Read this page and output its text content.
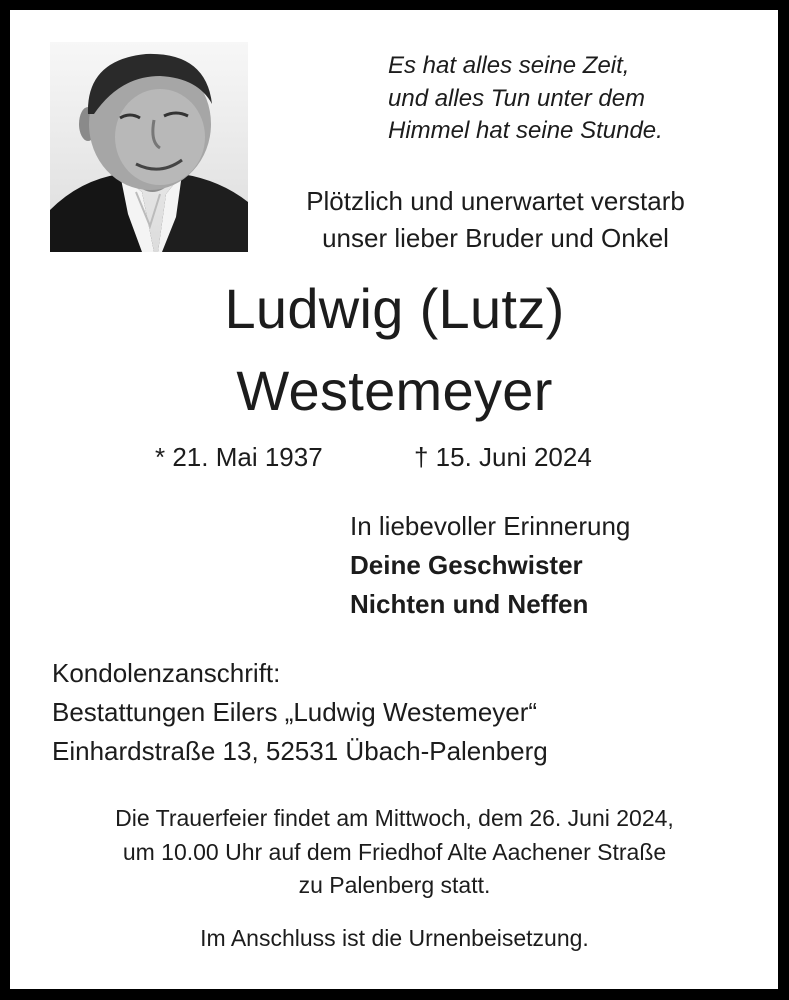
Es hat alles seine Zeit,
und alles Tun unter dem
Himmel hat seine Stunde.
Plötzlich und unerwartet verstarb
unser lieber Bruder und Onkel
Ludwig (Lutz)
Westemeyer
* 21. Mai 1937	† 15. Juni 2024
In liebevoller Erinnerung
Deine Geschwister
Nichten und Neffen
Kondolenzanschrift:
Bestattungen Eilers „Ludwig Westemeyer“
Einhardstraße 13, 52531 Übach-Palenberg
Die Trauerfeier findet am Mittwoch, dem 26. Juni 2024,
um 10.00 Uhr auf dem Friedhof Alte Aachener Straße
zu Palenberg statt.
Im Anschluss ist die Urnenbeisetzung.
